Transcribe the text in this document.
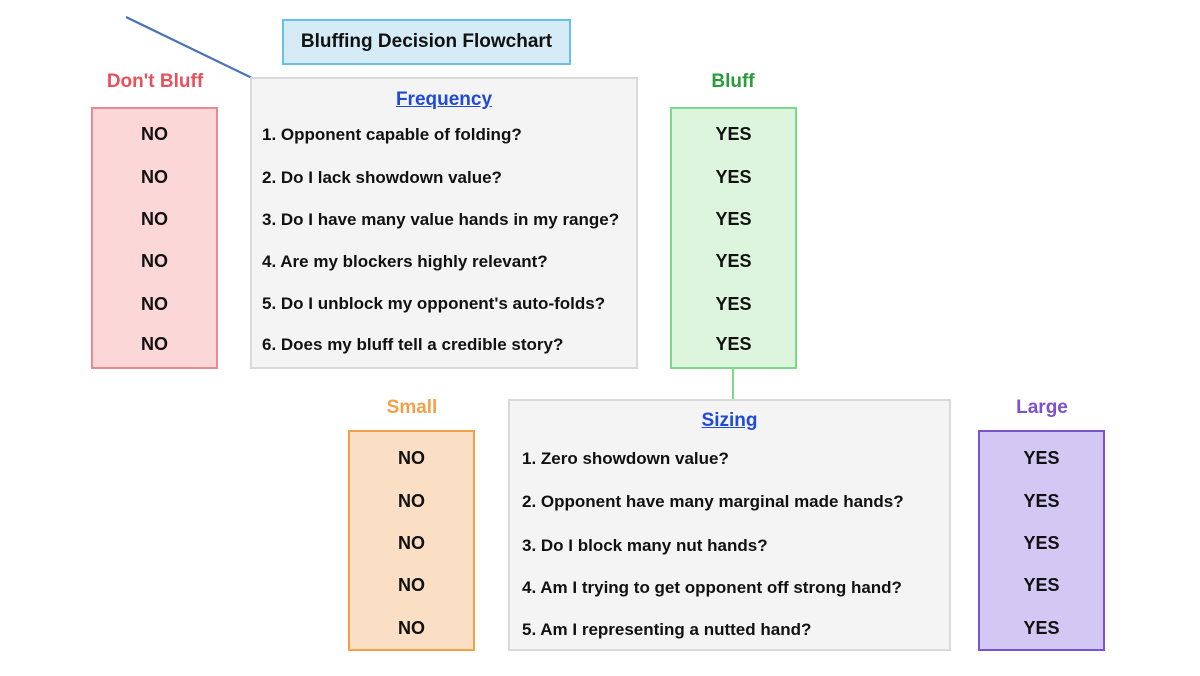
Bluffing Decision Flowchart
Don't Bluff	Bluff
NO
NO
NO
NO
NO
NO
Frequency
1. Opponent capable of folding?
2. Do I lack showdown value?
3. Do I have many value hands in my range?
4. Are my blockers highly relevant?
5. Do I unblock my opponent's auto-folds?
6. Does my bluff tell a credible story?
YES
YES
YES
YES
YES
YES
Small	Large
NO
NO
NO
NO
NO
Sizing
1. Zero showdown value?
2. Opponent have many marginal made hands?
3. Do I block many nut hands?
4. Am I trying to get opponent off strong hand?
5. Am I representing a nutted hand?
YES
YES
YES
YES
YES
